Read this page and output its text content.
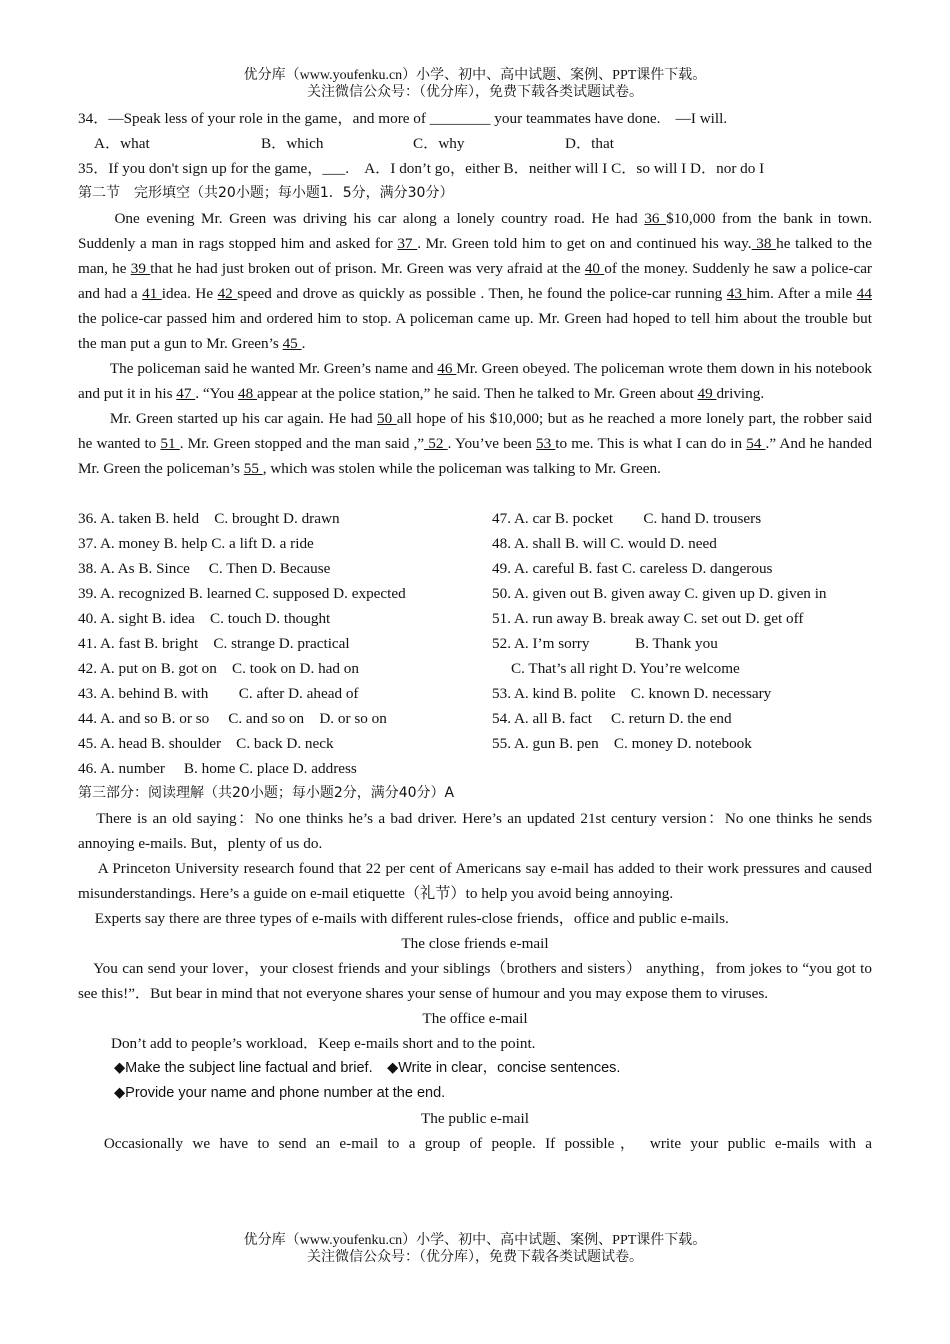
优分库（www.youfenku.cn）小学、初中、高中试题、案例、PPT课件下载。
关注微信公众号：（优分库），免费下载各类试题试卷。
34．—Speak less of your role in the game，and more of ________ your teammates have done.　—I will.
A．what	B．which	C．why	D．that
35．If you don't sign up for the game，___.　A．I don’t go，either B．neither will I C．so will I D．nor do I
第二节　完形填空（共20小题；每小题1．5分，满分30分）
One evening Mr. Green was driving his car along a lonely country road. He had 36 $10,000 from the bank in town. Suddenly a man in rags stopped him and asked for 37 . Mr. Green told him to get on and continued his way. 38 he talked to the man, he 39 that he had just broken out of prison. Mr. Green was very afraid at the 40 of the money. Suddenly he saw a police-car and had a 41 idea. He 42 speed and drove as quickly as possible . Then, he found the police-car running 43 him. After a mile 44 the police-car passed him and ordered him to stop. A policeman came up. Mr. Green had hoped to tell him about the trouble but the man put a gun to Mr. Green’s 45 .
The policeman said he wanted Mr. Green’s name and 46 Mr. Green obeyed. The policeman wrote them down in his notebook and put it in his 47 . “You 48 appear at the police station,” he said. Then he talked to Mr. Green about 49 driving.
Mr. Green started up his car again. He had 50 all hope of his $10,000; but as he reached a more lonely part, the robber said he wanted to 51 . Mr. Green stopped and the man said ,” 52 . You’ve been 53 to me. This is what I can do in 54 .” And he handed Mr. Green the policeman’s 55 , which was stolen while the policeman was talking to Mr. Green.
36. A. taken B. held　C. brought D. drawn
37. A. money B. help C. a lift D. a ride
38. A. As B. Since　 C. Then D. Because
39. A. recognized B. learned C. supposed D. expected
40. A. sight B. idea　C. touch D. thought
41. A. fast B. bright　C. strange D. practical
42. A. put on B. got on　C. took on D. had on
43. A. behind B. with　　C. after D. ahead of
44. A. and so B. or so　 C. and so on　D. or so on
45. A. head B. shoulder　C. back D. neck
46. A. number　 B. home C. place D. address
47. A. car B. pocket　　C. hand D. trousers
48. A. shall B. will C. would D. need
49. A. careful B. fast C. careless D. dangerous
50. A. given out B. given away C. given up D. given in
51. A. run away B. break away C. set out D. get off
52. A. I’m sorry　　　B. Thank you
　 C. That’s all right D. You’re welcome
53. A. kind B. polite　C. known D. necessary
54. A. all B. fact　 C. return D. the end
55. A. gun B. pen　C. money D. notebook
第三部分：阅读理解（共20小题；每小题2分，满分40分）A
There is an old saying：No one thinks he’s a bad driver. Here’s an updated 21st century version：No one thinks he sends annoying e-mails. But，plenty of us do.
A Princeton University research found that 22 per cent of Americans say e-mail has added to their work pressures and caused misunderstandings. Here’s a guide on e-mail etiquette（礼节）to help you avoid being annoying.
Experts say there are three types of e-mails with different rules-close friends，office and public e-mails.
The close friends e-mail
You can send your lover，your closest friends and your siblings（brothers and sisters） anything，from jokes to “you got to see this!”．But bear in mind that not everyone shares your sense of humour and you may expose them to viruses.
The office e-mail
Don’t add to people’s workload．Keep e-mails short and to the point.
◆Make the subject line factual and brief.　◆Write in clear，concise sentences.
◆Provide your name and phone number at the end.
The public e-mail
Occasionally we have to send an e-mail to a group of people. If possible， write your public e-mails with a
优分库（www.youfenku.cn）小学、初中、高中试题、案例、PPT课件下载。
关注微信公众号：（优分库），免费下载各类试题试卷。
